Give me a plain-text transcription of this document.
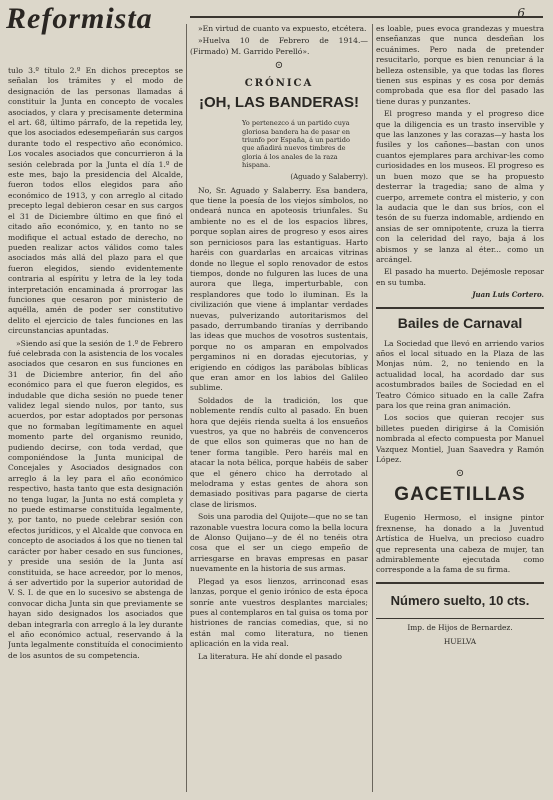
Reformista	6

tulo 3.º título 2.º En dichos preceptos se señalan los trámites y el modo de designación de las personas llamadas á constituir la Junta en concepto de vocales asociados, y clara y precisamente determina el art. 68, último párrafo, de la repetida ley, que los asociados edesempeñarán sus cargos durante todo el respectivo año económico. Los vocales asociados que concurrieron á la sesión celebrada por la Junta el día 1.º de este mes, bajo la presidencia del Alcalde, fueron todos ellos elegidos para año económico de 1913, y con arreglo al citado precepto legal debieron cesar en sus cargos el 31 de Diciembre último en que finó el citado año económico, y, en tanto no se modifique el actual estado de derecho, no pueden realizar actos válidos como tales asociados más allá del plazo para el que fueron elegidos, siendo evidentemente contraria al espíritu y letra de la ley toda interpretación encaminada á prorrogar las funciones que cesaron por ministerio de aquélla, amén de poder ser constitutivo delito el ejercicio de tales funciones en las circunstancias apuntadas.

»Siendo así que la sesión de 1.º de Febrero fué celebrada con la asistencia de los vocales asociados que cesaron en sus funciones en 31 de Diciembre anterior, fin del año económico para el que fueron elegidos, es indudable que dicha sesión no puede tener validez legal siendo nulos, por tanto, sus acuerdos, por estar adoptados por personas que no formaban legítimamente en aquel momento parte del organismo reunido, pudiendo decirse, con toda verdad, que componiéndose la Junta municipal de Concejales y Asociados designados con arreglo á la ley para el año económico respectivo, hasta tanto que esta designación no tenga lugar, la Junta no está completa y no puede estimarse constituída legalmente, y, por tanto, no puede celebrar sesión con efectos jurídicos, y el Alcalde que convoca en concepto de asociados á los que no tienen tal carácter por haber cesado en sus funciones, y preside una sesión de la Junta así constituida, se hace acreedor, por lo menos, á ser advertido por la superior autoridad de V. S. I. de que en lo sucesivo se abstenga de convocar dicha Junta sin que previamente se hayan sido designados los asociados que deban integrarla con arreglo á la ley durante el año económico actual, reservando á la Junta legalmente constituída el conocimiento de los asuntos de su competencia.

»En virtud de cuanto va expuesto, etcétera.

»Huelva 10 de Febrero de 1914.—(Firmado) M. Garrido Perelló».

⊙
CRÓNICA
¡OH, LAS BANDERAS!

Yo pertenezco á un partido cuya gloriosa bandera ha de pasar en triunfo por España, á un partido que añadirá nuevos timbres de gloria á los anales de la raza hispana.

(Aguado y Salaberry).

No, Sr. Aguado y Salaberry. Esa bandera, que tiene la poesía de los viejos símbolos, no ondeará nunca en apoteosis triunfales. Su ambiente no es el de los espacios libres, porque soplan aires de progreso y esos aires son perniciosos para las estantiguas. Harto haréis con guardarlas en arcaicas vitrinas donde no llegue el soplo renovador de estos tiempos, donde no fulguren las luces de una aurora que llega, imperturbable, con resplandores que todo lo iluminan. Es la civilización que viene á implantar verdades nuevas, pulverizando autoritarismos del pasado, derrumbando tiranías y derribando las ideas que muchos de vosotros sustentais, porque no os amparan en empolvados pergaminos ni en doradas ejecutorias, y erigiendo en códigos las parábolas bíblicas que eran amor en los labios del Galileo sublime.

Soldados de la tradición, los que noblemente rendís culto al pasado. En buen hora que dejéis rienda suelta á los ensueños vuestros, ya que no habréis de convenceros de que ellos son quimeras que no han de tener forma tangible. Pero haréis mal en atacar la nota bélica, porque habéis de saber que el género chico ha derrotado al melodrama y estas gentes de ahora son demasiado positivas para pagarse de cierta clase de lirismos.

Sois una parodia del Quijote—que no se tan razonable vuestra locura como la bella locura de Alonso Quijano—y de él no tenéis otra cosa que el ser un ciego empeño de arriesgarse en bravas empresas en pasar nuevamente en la historia de sus armas.

Plegad ya esos lienzos, arrinconad esas lanzas, porque el genio irónico de esta época sonríe ante vuestros desplantes marciales; pues al contemplaros en tal guisa os toma por histriones de rancias comedias, que, si no están mal como literatura, no tienen aplicación en la vida real.

La literatura. He ahí donde el pasado

es loable, pues evoca grandezas y muestra enseñanzas que nunca desdeñan los ecuánimes. Pero nada de pretender resucitarlo, porque es bien renunciar á la belleza ostensible, ya que todas las flores tienen sus espinas y es cosa por demás comprobada que esa flor del pasado las tiene duras y punzantes.

El progreso manda y el progreso dice que la diligencia es un trasto inservible y que las lanzones y las corazas—y hasta los fusiles y los cañones—bastan con unos cuantos ejemplares para archivar-les como curiosidades en los museos. El progreso es un buen mozo que se ha propuesto desterrar la tragedia; sano de alma y cuerpo, arremete contra el misterio, y con la audacia que le dan sus bríos, con el tesón de su fuerza indomable, ardiendo en ansias de ser omnipotente, cruza la tierra con la celeridad del rayo, baja á los abismos y se lanza al éter... como un arcángel.

El pasado ha muerto. Dejémosle reposar en su tumba.

Juan Luis Cortero.

Bailes de Carnaval

La Sociedad que llevó en arriendo varios años el local situado en la Plaza de las Monjas núm. 2, no teniendo en la actualidad local, ha acordado dar sus acostumbrados bailes de Sociedad en el Teatro Cómico situado en la calle Zafra para los que reina gran animación.

Los socios que quieran recojer sus billetes pueden dirigirse á la Comisión nombrada al efecto compuesta por Manuel Vazquez Montiel, Juan Saavedra y Ramón López.

⊙
GACETILLAS

Eugenio Hermoso, el insigne pintor frexnense, ha donado a la Juventud Artística de Huelva, un precioso cuadro que representa una cabeza de mujer, tan admirablemente ejecutada como corresponde a la fama de su firma.

Número suelto, 10 cts.

Imp. de Hijos de Bernardez.

HUELVA
